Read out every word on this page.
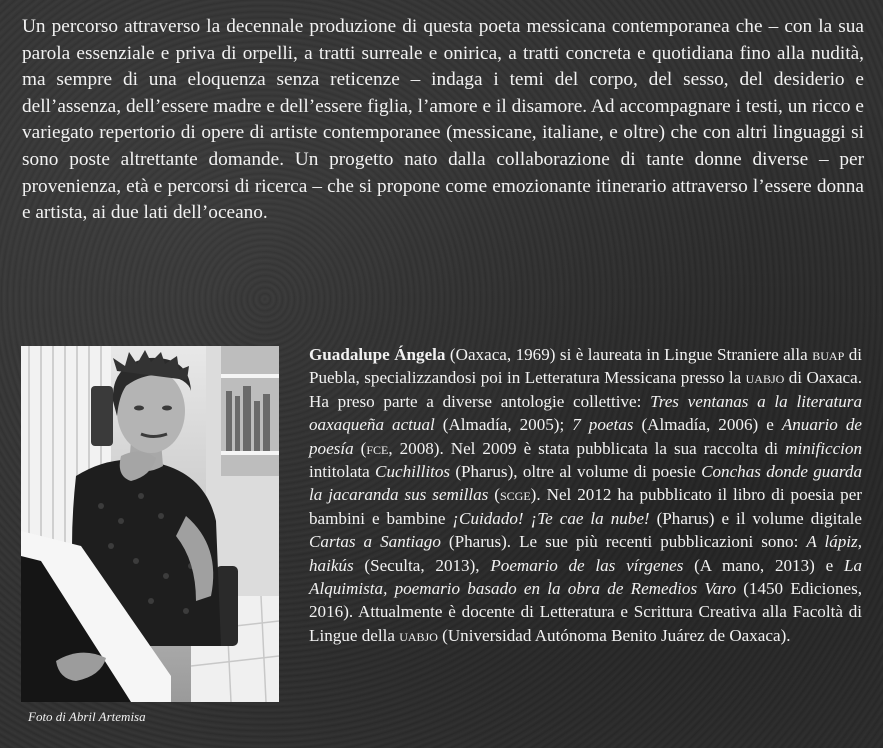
Un percorso attraverso la decennale produzione di questa poeta messicana contemporanea che – con la sua parola essenziale e priva di orpelli, a tratti surreale e onirica, a tratti concreta e quotidiana fino alla nudità, ma sempre di una eloquenza senza reticenze – indaga i temi del corpo, del sesso, del desiderio e dell’assenza, dell’essere madre e dell’essere figlia, l’amore e il disamore. Ad accompagnare i testi, un ricco e variegato repertorio di opere di artiste contemporanee (messicane, italiane, e oltre) che con altri linguaggi si sono poste altrettante domande. Un progetto nato dalla collaborazione di tante donne diverse – per provenienza, età e percorsi di ricerca – che si propone come emozionante itinerario attraverso l’essere donna e artista, ai due lati dell’oceano.

Foto di Abril Artemisa

Guadalupe Ángela (Oaxaca, 1969) si è laureata in Lingue Straniere alla buap di Puebla, specializzandosi poi in Letteratura Messicana presso la uabjo di Oaxaca. Ha preso parte a diverse antologie collettive: Tres ventanas a la literatura oaxaqueña actual (Almadía, 2005); 7 poetas (Almadía, 2006) e Anuario de poesía (fce, 2008). Nel 2009 è stata pubblicata la sua raccolta di minificcion intitolata Cuchillitos (Pharus), oltre al volume di poesie Conchas donde guarda la jacaranda sus semillas (scge). Nel 2012 ha pubblicato il libro di poesia per bambini e bambine ¡Cuidado! ¡Te cae la nube! (Pharus) e il volume digitale Cartas a Santiago (Pharus). Le sue più recenti pubblicazioni sono: A lápiz, haikús (Seculta, 2013), Poemario de las vírgenes (A mano, 2013) e La Alquimista, poemario basado en la obra de Remedios Varo (1450 Ediciones, 2016). Attualmente è docente di Letteratura e Scrittura Creativa alla Facoltà di Lingue della uabjo (Universidad Autónoma Benito Juárez de Oaxaca).
